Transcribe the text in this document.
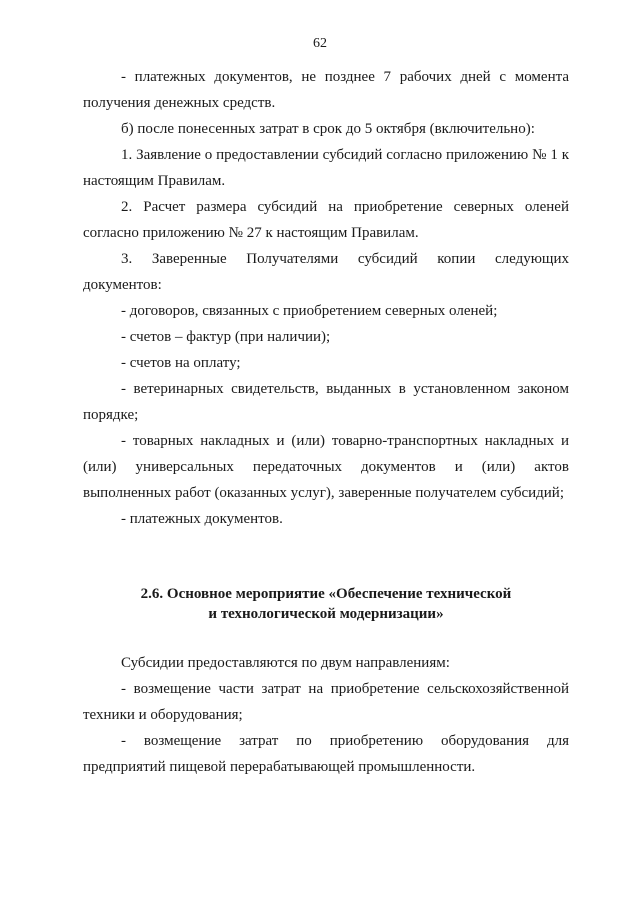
62

- платежных документов, не позднее 7 рабочих дней с момента получения денежных средств.

б) после понесенных затрат в срок до 5 октября (включительно):

1. Заявление о предоставлении субсидий согласно приложению № 1 к настоящим Правилам.

2. Расчет размера субсидий на приобретение северных оленей согласно приложению № 27 к настоящим Правилам.

3. Заверенные Получателями субсидий копии следующих документов:

- договоров, связанных с приобретением северных оленей;

- счетов – фактур (при наличии);

- счетов на оплату;

- ветеринарных свидетельств, выданных в установленном законом порядке;

- товарных накладных и (или) товарно-транспортных накладных и (или) универсальных передаточных документов и (или) актов выполненных работ (оказанных услуг), заверенные получателем субсидий;

- платежных документов.

2.6. Основное мероприятие «Обеспечение технической

и технологической модернизации»

Субсидии предоставляются по двум направлениям:

- возмещение части затрат на приобретение сельскохозяйственной техники и оборудования;

- возмещение затрат по приобретению оборудования для предприятий пищевой перерабатывающей промышленности.
